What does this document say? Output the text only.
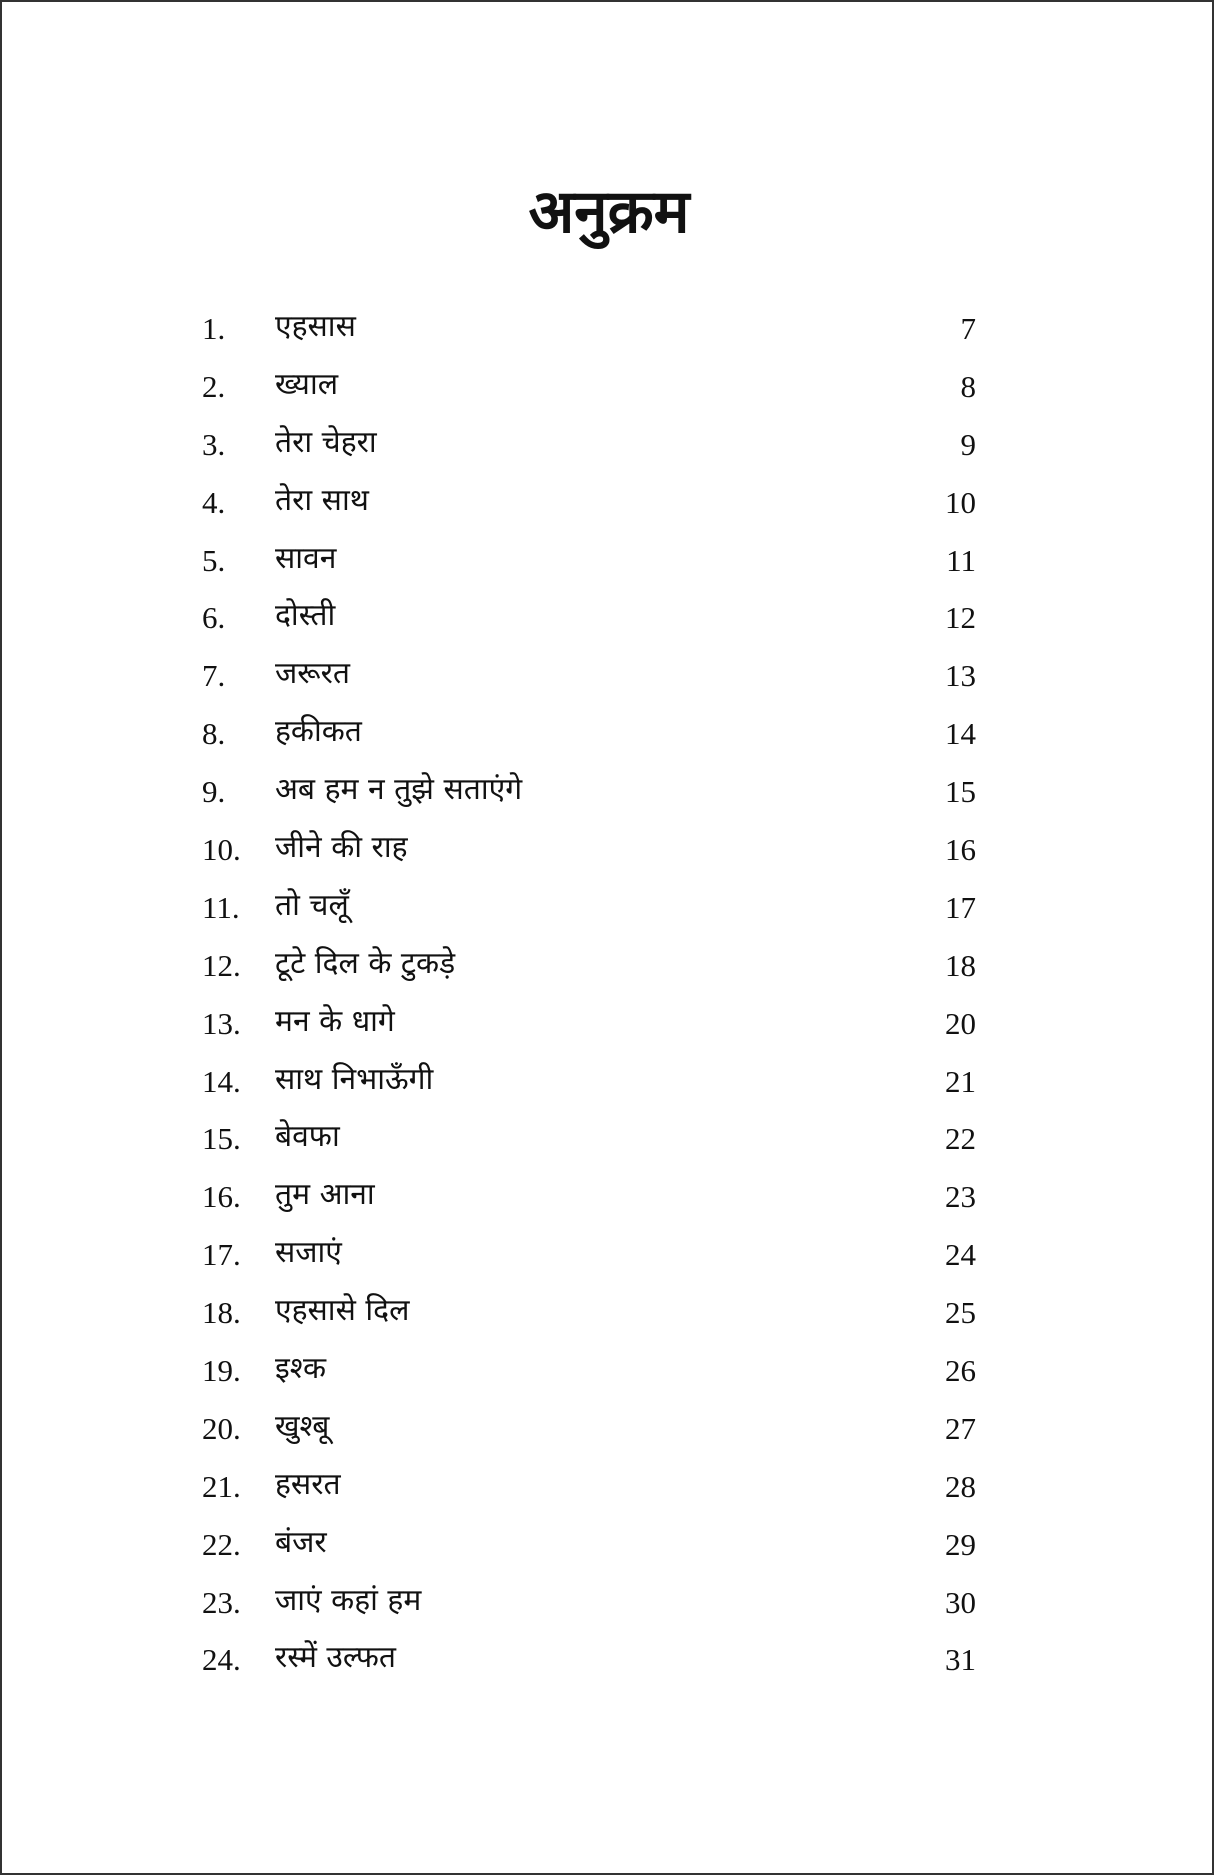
अनुक्रम
1. एहसास	7
2. ख्याल	8
3. तेरा चेहरा	9
4. तेरा साथ	10
5. सावन	11
6. दोस्ती	12
7. जरूरत	13
8. हकीकत	14
9. अब हम न तुझे सताएंगे	15
10. जीने की राह	16
11. तो चलूँ	17
12. टूटे दिल के टुकड़े	18
13. मन के धागे	20
14. साथ निभाऊँगी	21
15. बेवफा	22
16. तुम आना	23
17. सजाएं	24
18. एहसासे दिल	25
19. इश्क	26
20. खुश्बू	27
21. हसरत	28
22. बंजर	29
23. जाएं कहां हम	30
24. रस्में उल्फत	31
